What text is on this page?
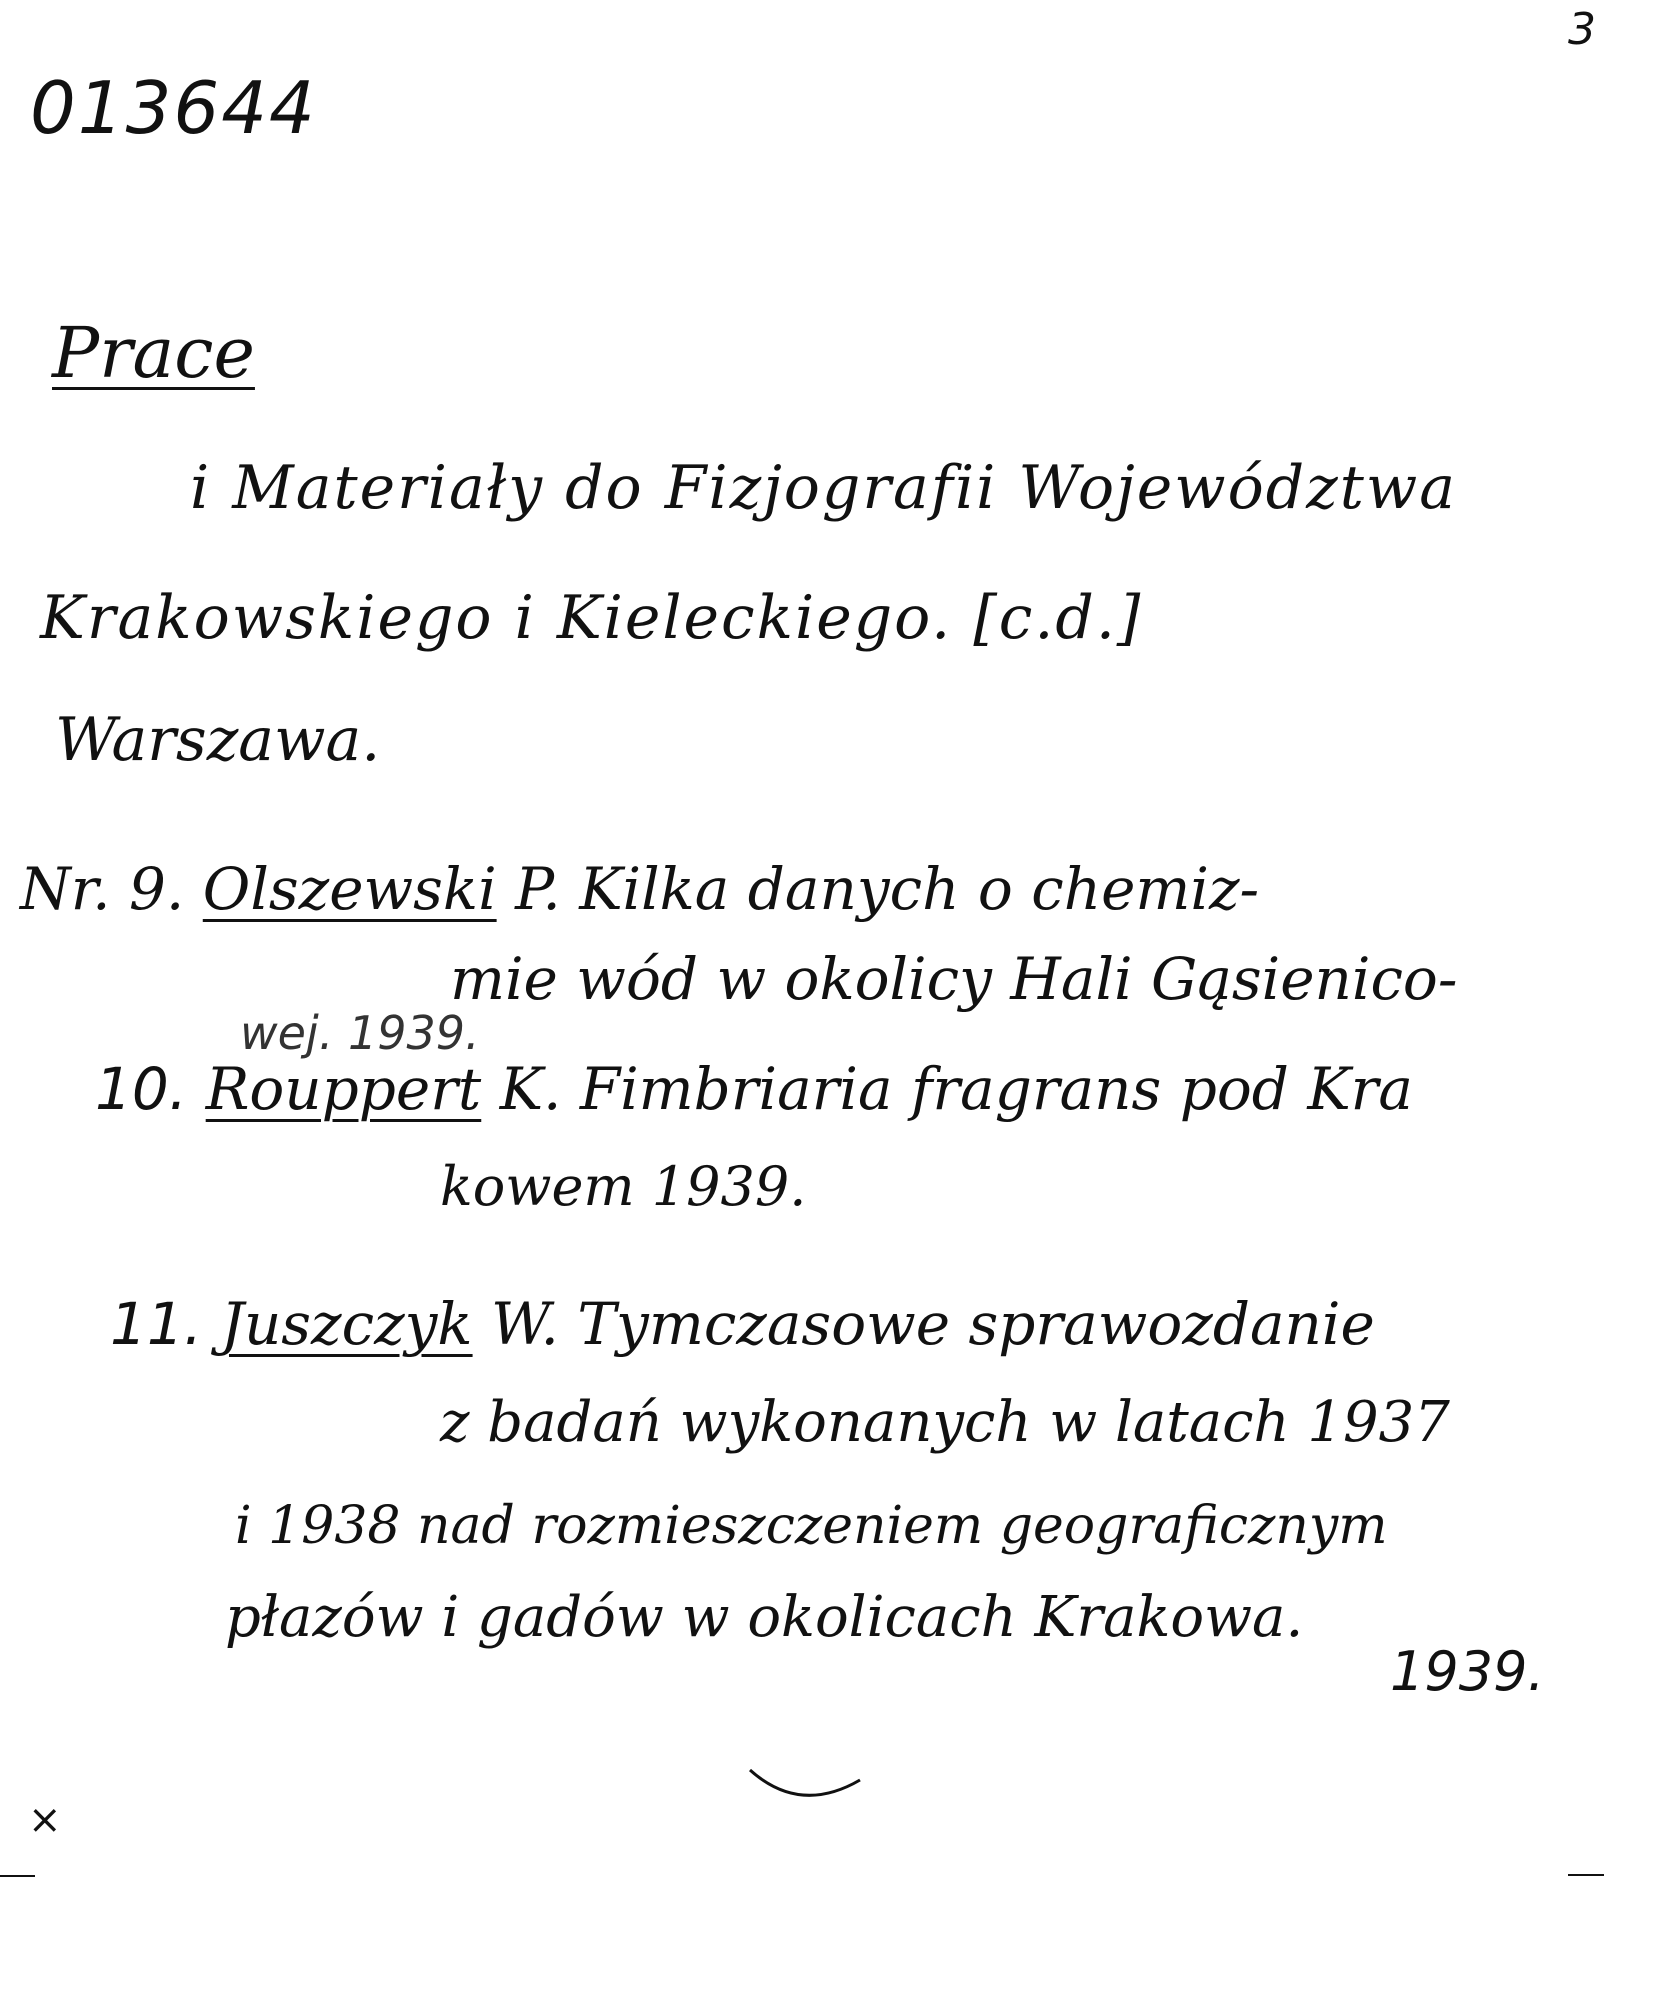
3
013644
Prace
i Materiały do Fizjografii Województwa
Krakowskiego i Kieleckiego. [c.d.]
Warszawa.
Nr. 9. Olszewski P. Kilka danych o chemiz-
mie wód w okolicy Hali Gąsienico-
wej. 1939.
10. Rouppert K. Fimbriaria fragrans pod Kra
kowem 1939.
11. Juszczyk W. Tymczasowe sprawozdanie
z badań wykonanych w latach 1937
i 1938 nad rozmieszczeniem geograficznym
płazów i gadów w okolicach Krakowa.
1939.
×
